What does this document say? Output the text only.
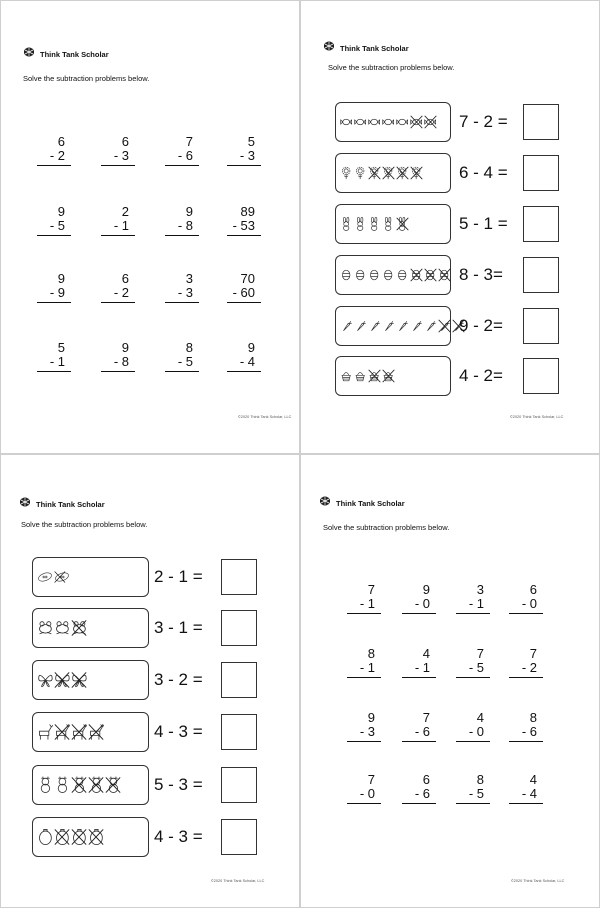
Think Tank Scholar
Solve the subtraction problems below.
6
- 2
6
- 3
7
- 6
5
- 3
9
- 5
2
- 1
9
- 8
89
- 53
9
- 9
6
- 2
3
- 3
70
- 60
5
- 1
9
- 8
8
- 5
9
- 4
©2020 Think Tank Scholar, LLC
Think Tank Scholar
Solve the subtraction problems below.
7 - 2 =
6 - 4 =
5 - 1 =
8 - 3=
9 - 2=
4 - 2=
©2020 Think Tank Scholar, LLC
Think Tank Scholar
Solve the subtraction problems below.
2 - 1 =
3 - 1 =
3 - 2 =
4 - 3 =
5 - 3 =
4 - 3 =
©2020 Think Tank Scholar, LLC
Think Tank Scholar
Solve the subtraction problems below.
7
- 1
9
- 0
3
- 1
6
- 0
8
- 1
4
- 1
7
- 5
7
- 2
9
- 3
7
- 6
4
- 0
8
- 6
7
- 0
6
- 6
8
- 5
4
- 4
©2020 Think Tank Scholar, LLC
